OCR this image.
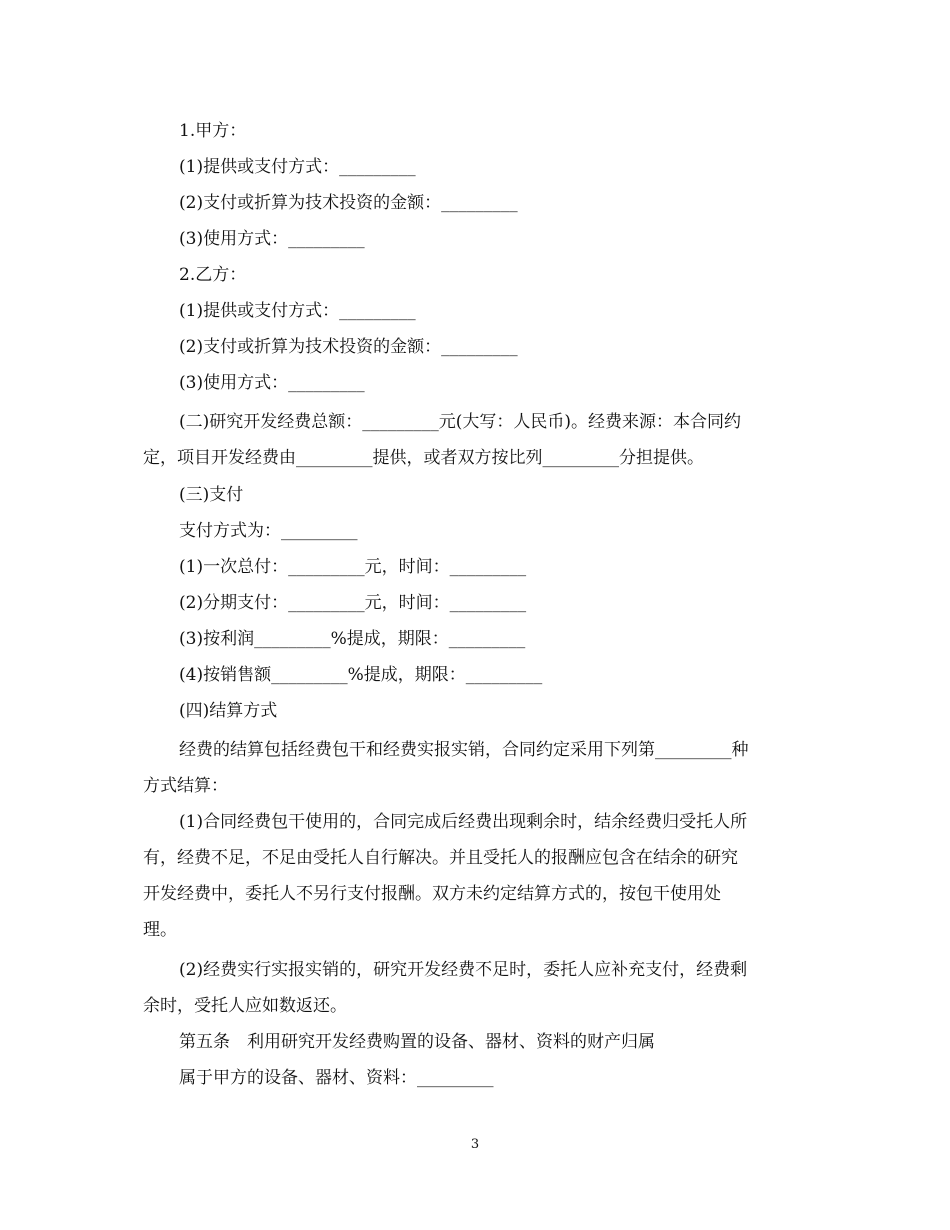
1.甲方：
(1)提供或支付方式：_________
(2)支付或折算为技术投资的金额：_________
(3)使用方式：_________
2.乙方：
(1)提供或支付方式：_________
(2)支付或折算为技术投资的金额：_________
(3)使用方式：_________
(二)研究开发经费总额：_________元(大写：人民币)。经费来源：本合同约
定，项目开发经费由_________提供，或者双方按比列_________分担提供。
(三)支付
支付方式为：_________
(1)一次总付：_________元，时间：_________
(2)分期支付：_________元，时间：_________
(3)按利润_________%提成，期限：_________
(4)按销售额_________%提成，期限：_________
(四)结算方式
经费的结算包括经费包干和经费实报实销，合同约定采用下列第_________种
方式结算：
(1)合同经费包干使用的，合同完成后经费出现剩余时，结余经费归受托人所
有，经费不足，不足由受托人自行解决。并且受托人的报酬应包含在结余的研究
开发经费中，委托人不另行支付报酬。双方未约定结算方式的，按包干使用处
理。
(2)经费实行实报实销的，研究开发经费不足时，委托人应补充支付，经费剩
余时，受托人应如数返还。
第五条　利用研究开发经费购置的设备、器材、资料的财产归属
属于甲方的设备、器材、资料：_________
3
